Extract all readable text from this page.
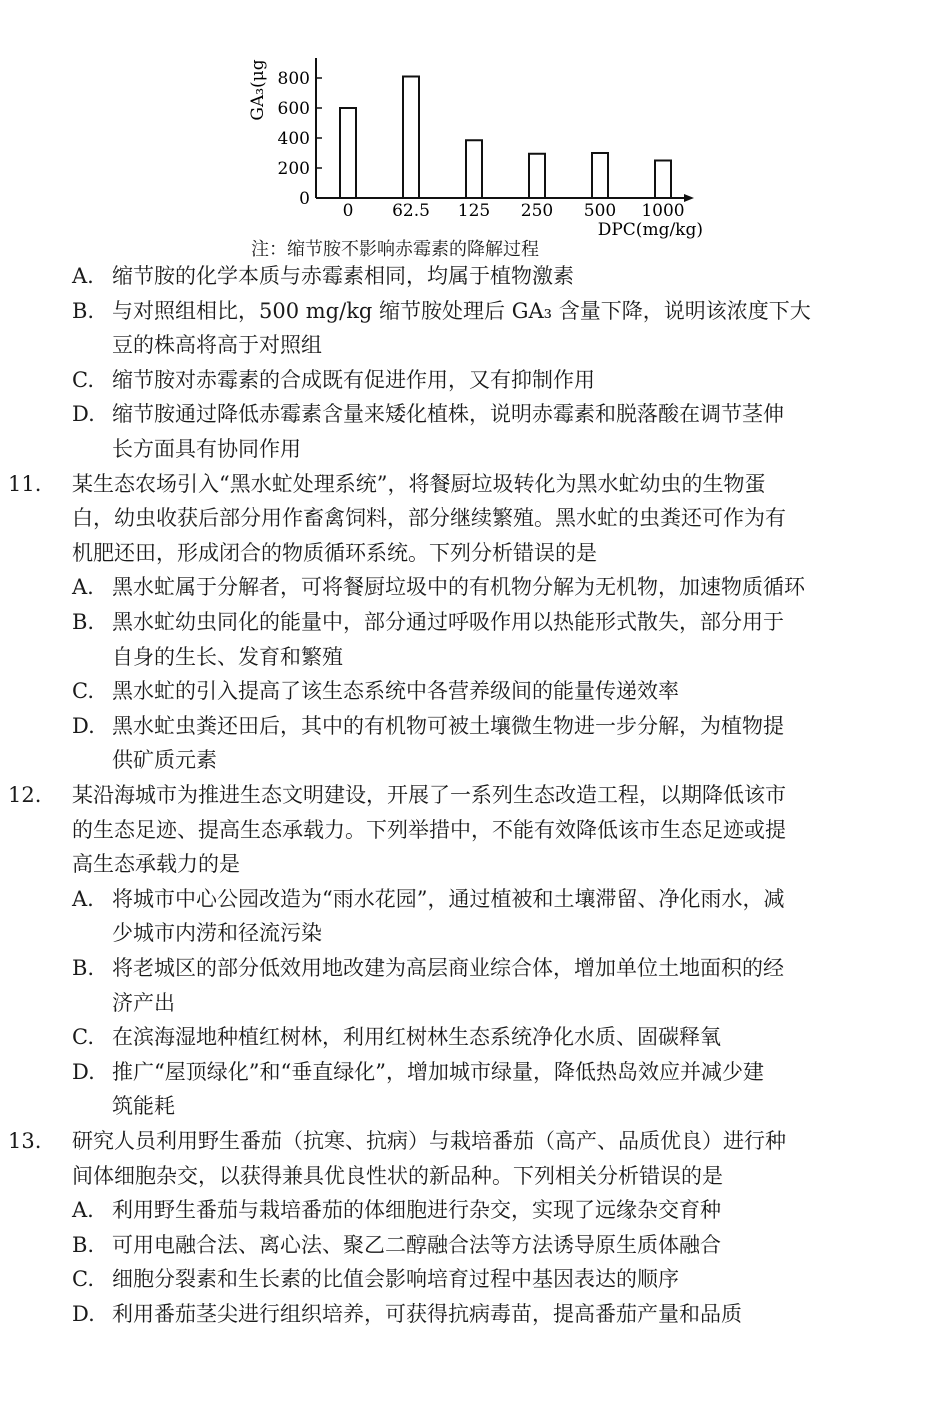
0
200
400
600
800
GA₃(μg
0 62.5 125 250 500 1000
DPC(mg/kg)
注：缩节胺不影响赤霉素的降解过程
A. 缩节胺的化学本质与赤霉素相同，均属于植物激素
B. 与对照组相比，500 mg/kg 缩节胺处理后 GA₃ 含量下降，说明该浓度下大
豆的株高将高于对照组
C. 缩节胺对赤霉素的合成既有促进作用，又有抑制作用
D. 缩节胺通过降低赤霉素含量来矮化植株，说明赤霉素和脱落酸在调节茎伸
长方面具有协同作用
11. 某生态农场引入“黑水虻处理系统”，将餐厨垃圾转化为黑水虻幼虫的生物蛋
白，幼虫收获后部分用作畜禽饲料，部分继续繁殖。黑水虻的虫粪还可作为有
机肥还田，形成闭合的物质循环系统。下列分析错误的是
A. 黑水虻属于分解者，可将餐厨垃圾中的有机物分解为无机物，加速物质循环
B. 黑水虻幼虫同化的能量中，部分通过呼吸作用以热能形式散失，部分用于
自身的生长、发育和繁殖
C. 黑水虻的引入提高了该生态系统中各营养级间的能量传递效率
D. 黑水虻虫粪还田后，其中的有机物可被土壤微生物进一步分解，为植物提
供矿质元素
12. 某沿海城市为推进生态文明建设，开展了一系列生态改造工程，以期降低该市
的生态足迹、提高生态承载力。下列举措中，不能有效降低该市生态足迹或提
高生态承载力的是
A. 将城市中心公园改造为“雨水花园”，通过植被和土壤滞留、净化雨水，减
少城市内涝和径流污染
B. 将老城区的部分低效用地改建为高层商业综合体，增加单位土地面积的经
济产出
C. 在滨海湿地种植红树林，利用红树林生态系统净化水质、固碳释氧
D. 推广“屋顶绿化”和“垂直绿化”，增加城市绿量，降低热岛效应并减少建
筑能耗
13. 研究人员利用野生番茄（抗寒、抗病）与栽培番茄（高产、品质优良）进行种
间体细胞杂交，以获得兼具优良性状的新品种。下列相关分析错误的是
A. 利用野生番茄与栽培番茄的体细胞进行杂交，实现了远缘杂交育种
B. 可用电融合法、离心法、聚乙二醇融合法等方法诱导原生质体融合
C. 细胞分裂素和生长素的比值会影响培育过程中基因表达的顺序
D. 利用番茄茎尖进行组织培养，可获得抗病毒苗，提高番茄产量和品质
